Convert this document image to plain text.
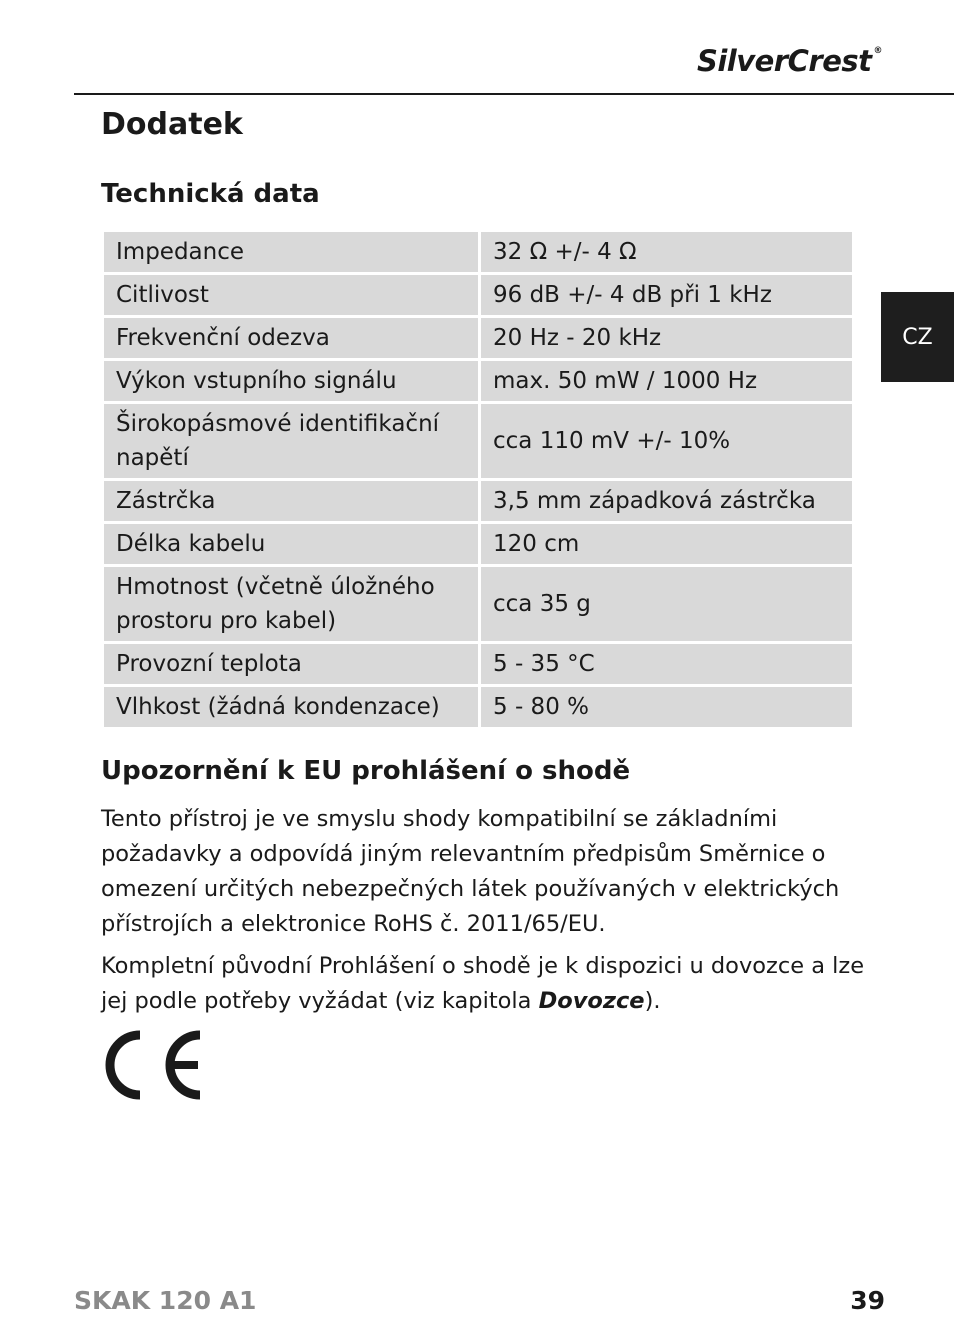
SilverCrest ®
CZ
Dodatek
Technická data
Impedance	32 Ω +/- 4 Ω
Citlivost	96 dB +/- 4 dB při 1 kHz
Frekvenční odezva	20 Hz - 20 kHz
Výkon vstupního signálu	max. 50 mW / 1000 Hz
Širokopásmové identifikační napětí	cca 110 mV +/- 10%
Zástrčka	3,5 mm západková zástrčka
Délka kabelu	120 cm
Hmotnost (včetně úložného prostoru pro kabel)	cca 35 g
Provozní teplota	5 - 35 °C
Vlhkost (žádná kondenzace)	5 - 80 %
Upozornění k EU prohlášení o shodě

Tento přístroj je ve smyslu shody kompatibilní se základními požadavky a odpovídá jiným relevantním předpisům Směrnice o omezení určitých nebezpečných látek používaných v elektrických přístrojích a elektronice RoHS č. 2011/65/EU.

Kompletní původní Prohlášení o shodě je k dispozici u dovozce a lze jej podle potřeby vyžádat (viz kapitola Dovozce).

SKAK 120 A1	39
